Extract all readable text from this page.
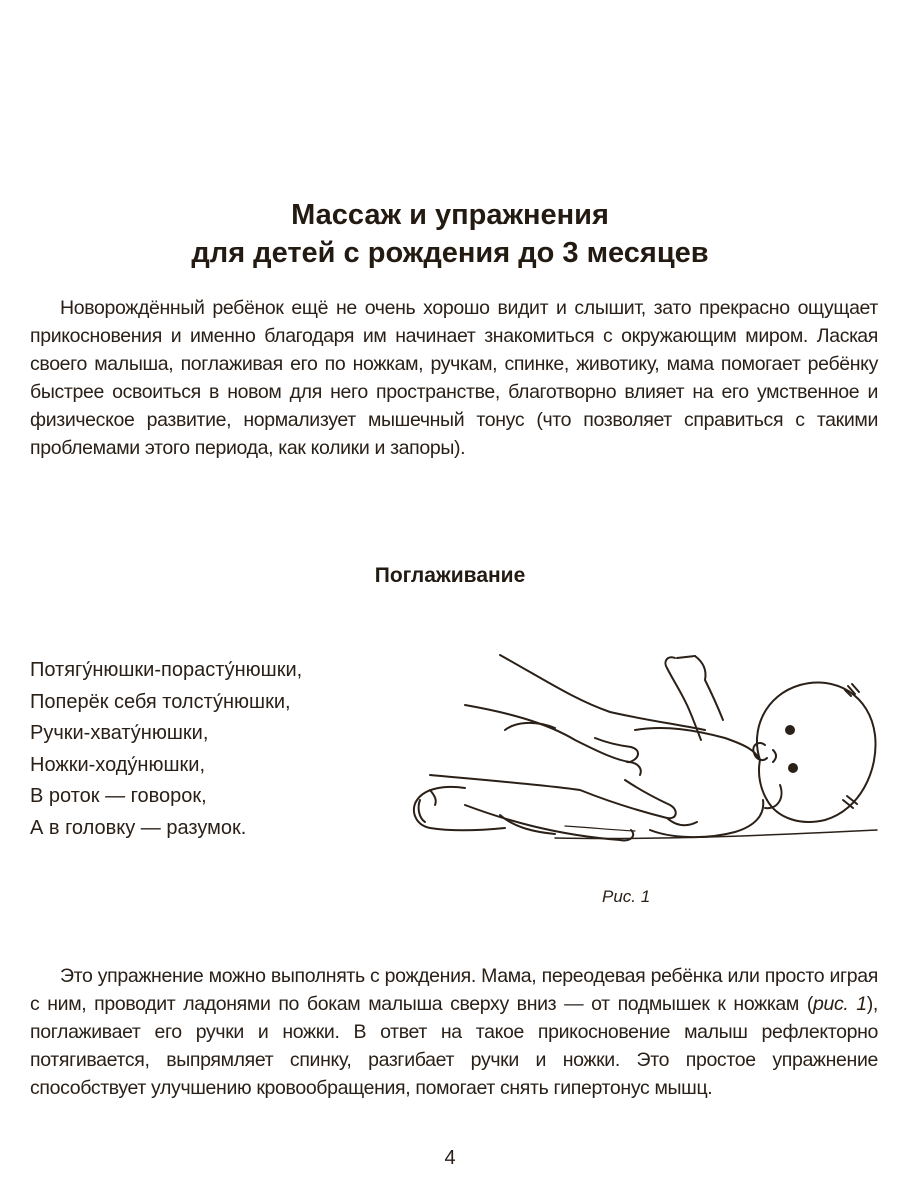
Массаж и упражнения
для детей с рождения до 3 месяцев
Новорождённый ребёнок ещё не очень хорошо видит и слышит, зато прекрасно ощущает прикосновения и именно благодаря им начинает знакомиться с окружающим миром. Ласкaя своего малыша, поглаживая его по ножкам, ручкам, спинке, животику, мама помогает ребёнку быстрее освоиться в новом для него пространстве, благотворно влияет на его умственное и физическое развитие, нормализует мышечный тонус (что позволяет справиться с такими проблемами этого периода, как колики и запоры).
Поглаживание
Потягу́нюшки-порасту́нюшки,
Поперёк себя толсту́нюшки,
Ручки-хвату́нюшки,
Ножки-ходу́нюшки,
В роток — говорок,
А в головку — разумок.
Рис. 1
Это упражнение можно выполнять с рождения. Мама, переодевая ребёнка или просто играя с ним, проводит ладонями по бокам малыша сверху вниз — от подмышек к ножкам (рис. 1), поглаживает его ручки и ножки. В ответ на такое прикосновение малыш рефлекторно потягивается, выпрямляет спинку, разгибает ручки и ножки. Это простое упражнение способствует улучшению кровообращения, помогает снять гипертонус мышц.
4
